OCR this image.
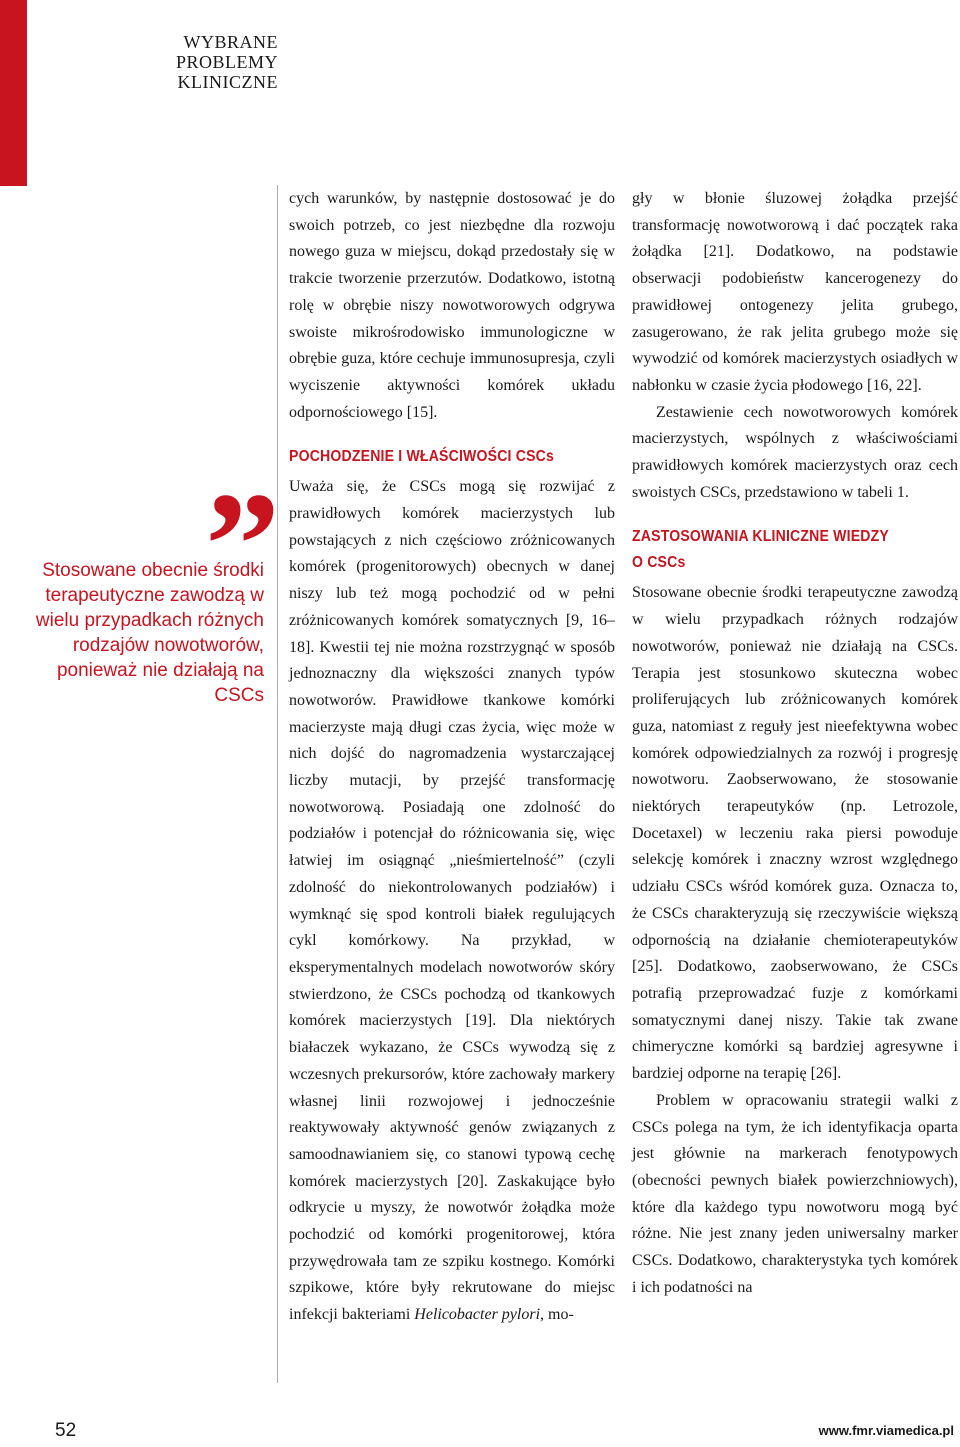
WYBRANE
PROBLEMY
KLINICZNE
”
Stosowane obecnie środki terapeutyczne zawodzą w wielu przypadkach różnych rodzajów nowotworów, ponieważ nie działają na CSCs

cych warunków, by następnie dostosować je do swoich potrzeb, co jest niezbędne dla rozwoju nowego guza w miejscu, dokąd przedostały się w trakcie tworzenie przerzutów. Dodatkowo, istotną rolę w obrębie niszy nowotworowych odgrywa swoiste mikrośrodowisko immunologiczne w obrębie guza, które cechuje immunosupresja, czyli wyciszenie aktywności komórek układu odpornościowego [15].

POCHODZENIE I WŁAŚCIWOŚCI CSCs

Uważa się, że CSCs mogą się rozwijać z prawidłowych komórek macierzystych lub powstających z nich częściowo zróżnicowanych komórek (progenitorowych) obecnych w danej niszy lub też mogą pochodzić od w pełni zróżnicowanych komórek somatycznych [9, 16–18]. Kwestii tej nie można rozstrzygnąć w sposób jednoznaczny dla większości znanych typów nowotworów. Prawidłowe tkankowe komórki macierzyste mają długi czas życia, więc może w nich dojść do nagromadzenia wystarczającej liczby mutacji, by przejść transformację nowotworową. Posiadają one zdolność do podziałów i potencjał do różnicowania się, więc łatwiej im osiągnąć „nieśmiertelność” (czyli zdolność do niekontrolowanych podziałów) i wymknąć się spod kontroli białek regulujących cykl komórkowy. Na przykład, w eksperymentalnych modelach nowotworów skóry stwierdzono, że CSCs pochodzą od tkankowych komórek macierzystych [19]. Dla niektórych białaczek wykazano, że CSCs wywodzą się z wczesnych prekursorów, które zachowały markery własnej linii rozwojowej i jednocześnie reaktywowały aktywność genów związanych z samoodnawianiem się, co stanowi typową cechę komórek macierzystych [20]. Zaskakujące było odkrycie u myszy, że nowotwór żołądka może pochodzić od komórki progenitorowej, która przywędrowała tam ze szpiku kostnego. Komórki szpikowe, które były rekrutowane do miejsc infekcji bakteriami Helicobacter pylori, mo-

gły w błonie śluzowej żołądka przejść transformację nowotworową i dać początek raka żołądka [21]. Dodatkowo, na podstawie obserwacji podobieństw kancerogenezy do prawidłowej ontogenezy jelita grubego, zasugerowano, że rak jelita grubego może się wywodzić od komórek macierzystych osiadłych w nabłonku w czasie życia płodowego [16, 22].

Zestawienie cech nowotworowych komórek macierzystych, wspólnych z właściwościami prawidłowych komórek macierzystych oraz cech swoistych CSCs, przedstawiono w tabeli 1.

ZASTOSOWANIA KLINICZNE WIEDZY
O CSCs

Stosowane obecnie środki terapeutyczne zawodzą w wielu przypadkach różnych rodzajów nowotworów, ponieważ nie działają na CSCs. Terapia jest stosunkowo skuteczna wobec proliferujących lub zróżnicowanych komórek guza, natomiast z reguły jest nieefektywna wobec komórek odpowiedzialnych za rozwój i progresję nowotworu. Zaobserwowano, że stosowanie niektórych terapeutyków (np. Letrozole, Docetaxel) w leczeniu raka piersi powoduje selekcję komórek i znaczny wzrost względnego udziału CSCs wśród komórek guza. Oznacza to, że CSCs charakteryzują się rzeczywiście większą odpornością na działanie chemioterapeutyków [25]. Dodatkowo, zaobserwowano, że CSCs potrafią przeprowadzać fuzje z komórkami somatycznymi danej niszy. Takie tak zwane chimeryczne komórki są bardziej agresywne i bardziej odporne na terapię [26].

Problem w opracowaniu strategii walki z CSCs polega na tym, że ich identyfikacja oparta jest głównie na markerach fenotypowych (obecności pewnych białek powierzchniowych), które dla każdego typu nowotworu mogą być różne. Nie jest znany jeden uniwersalny marker CSCs. Dodatkowo, charakterystyka tych komórek i ich podatności na

52	www.fmr.viamedica.pl
